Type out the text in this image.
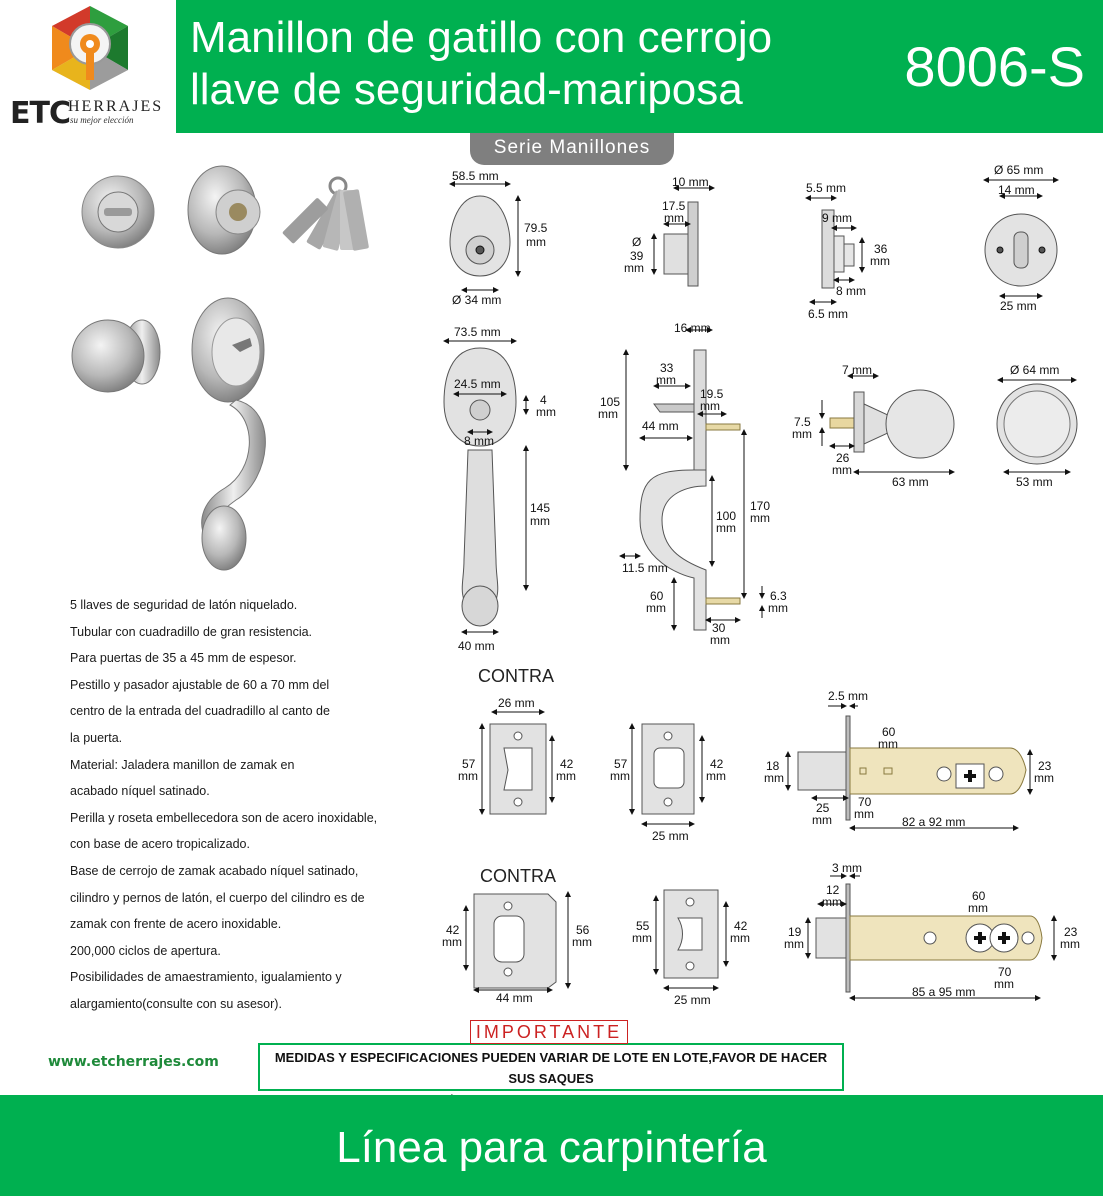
ETC
HERRAJES
su mejor elección
Manillon de gatillo con cerrojo
llave de seguridad-mariposa	8006-S
Serie Manillones
5 llaves de seguridad de latón niquelado.
Tubular con cuadradillo de gran resistencia.
Para puertas de 35 a 45 mm de espesor.
Pestillo y pasador ajustable de 60 a 70 mm del
centro de la entrada del cuadradillo al canto de
la puerta.
Material: Jaladera manillon de zamak en
acabado níquel satinado.
Perilla y roseta embellecedora son de acero inoxidable,
con base de acero tropicalizado.
Base de cerrojo de zamak acabado níquel satinado,
cilindro y pernos de latón, el cuerpo del cilindro es de
zamak con frente de acero inoxidable.
200,000 ciclos de apertura.
Posibilidades de amaestramiento, igualamiento y
alargamiento(consulte con su asesor).
58.5 mm
79.5
mm
Ø 34 mm
10 mm
17.5
mm
Ø
39
mm
5.5 mm
9 mm
36
mm
8 mm
6.5 mm
Ø 65 mm
14 mm
25 mm
73.5 mm
24.5 mm
4
mm
8 mm
145
mm
40 mm
16 mm
33
mm
19.5
mm
105
mm
44 mm
100
mm
170
mm
11.5 mm
60
mm
30
mm
6.3
mm
7 mm
7.5
mm
26
mm
63 mm
Ø 64 mm
53 mm
CONTRA
26 mm
57
mm
42
mm
57
mm
42
mm
25 mm
2.5 mm
60
mm
18
mm
23
mm
25
mm
70
mm
82 a 92 mm
CONTRA
42
mm
56
mm
44 mm
55
mm
42
mm
25 mm
3 mm
12
mm	60
mm
19
mm
23
mm
70
mm
85 a 95 mm
www.etcherrajes.com	MEDIDAS Y ESPECIFICACIONES PUEDEN VARIAR DE LOTE EN LOTE,FAVOR DE HACER SUS SAQUES
IMPORTANTE
Línea para carpintería
